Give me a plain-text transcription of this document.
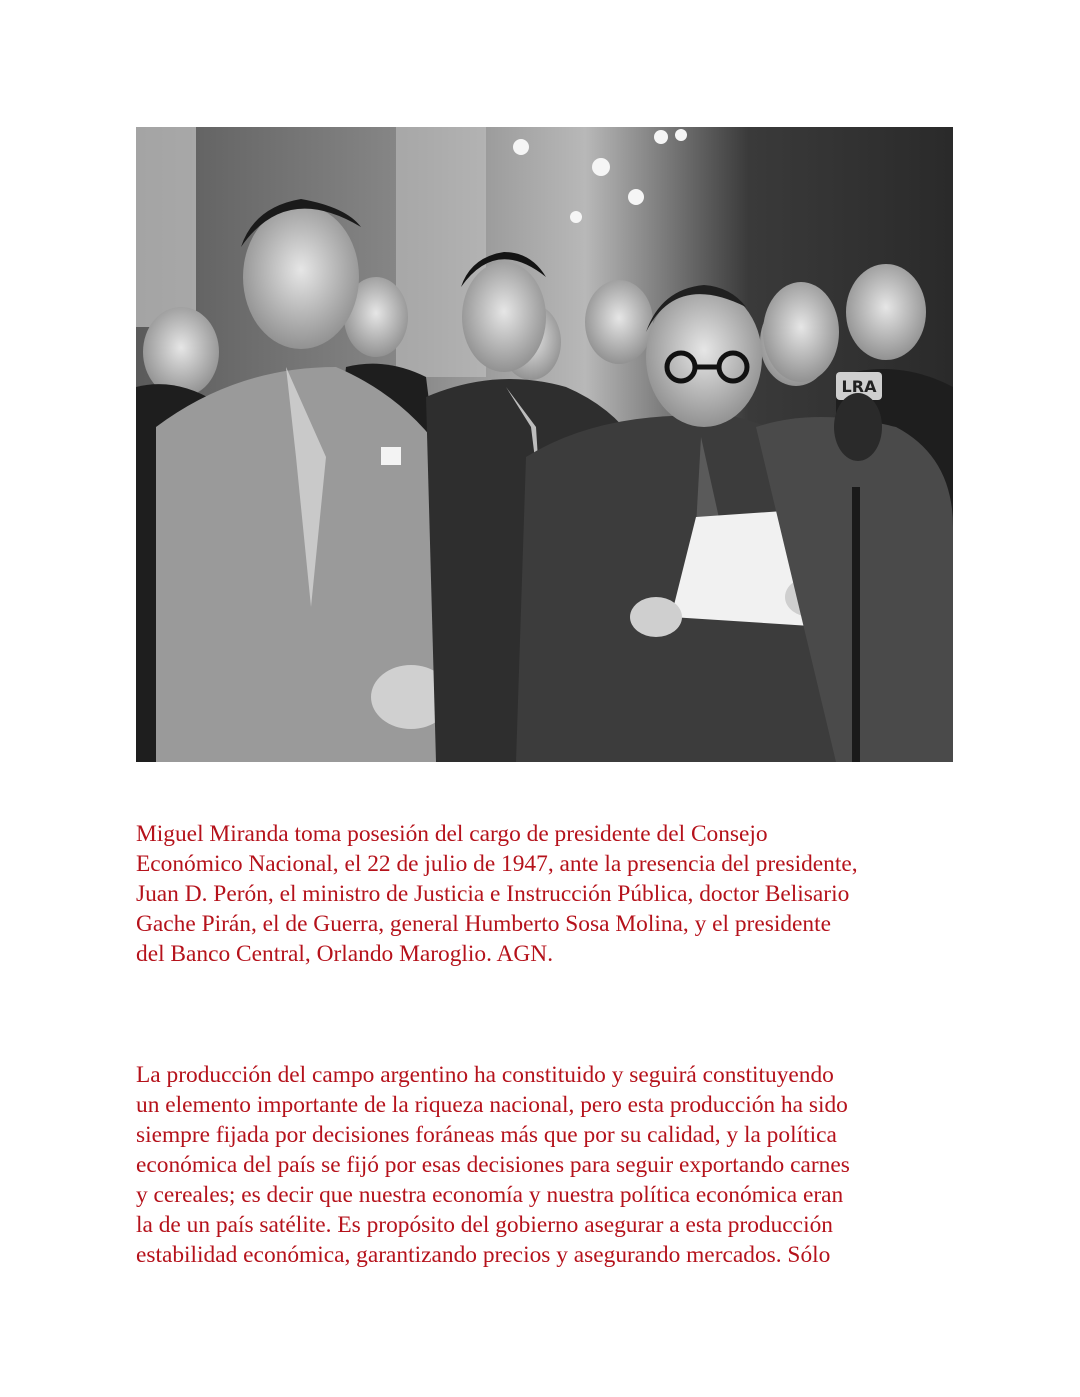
LRA

Miguel Miranda toma posesión del cargo de presidente del Consejo
Económico Nacional, el 22 de julio de 1947, ante la presencia del presidente,
Juan D. Perón, el ministro de Justicia e Instrucción Pública, doctor Belisario
Gache Pirán, el de Guerra, general Humberto Sosa Molina, y el presidente
del Banco Central, Orlando Maroglio. AGN.

La producción del campo argentino ha constituido y seguirá constituyendo
un elemento importante de la riqueza nacional, pero esta producción ha sido
siempre fijada por decisiones foráneas más que por su calidad, y la política
económica del país se fijó por esas decisiones para seguir exportando carnes
y cereales; es decir que nuestra economía y nuestra política económica eran
la de un país satélite. Es propósito del gobierno asegurar a esta producción
estabilidad económica, garantizando precios y asegurando mercados. Sólo
